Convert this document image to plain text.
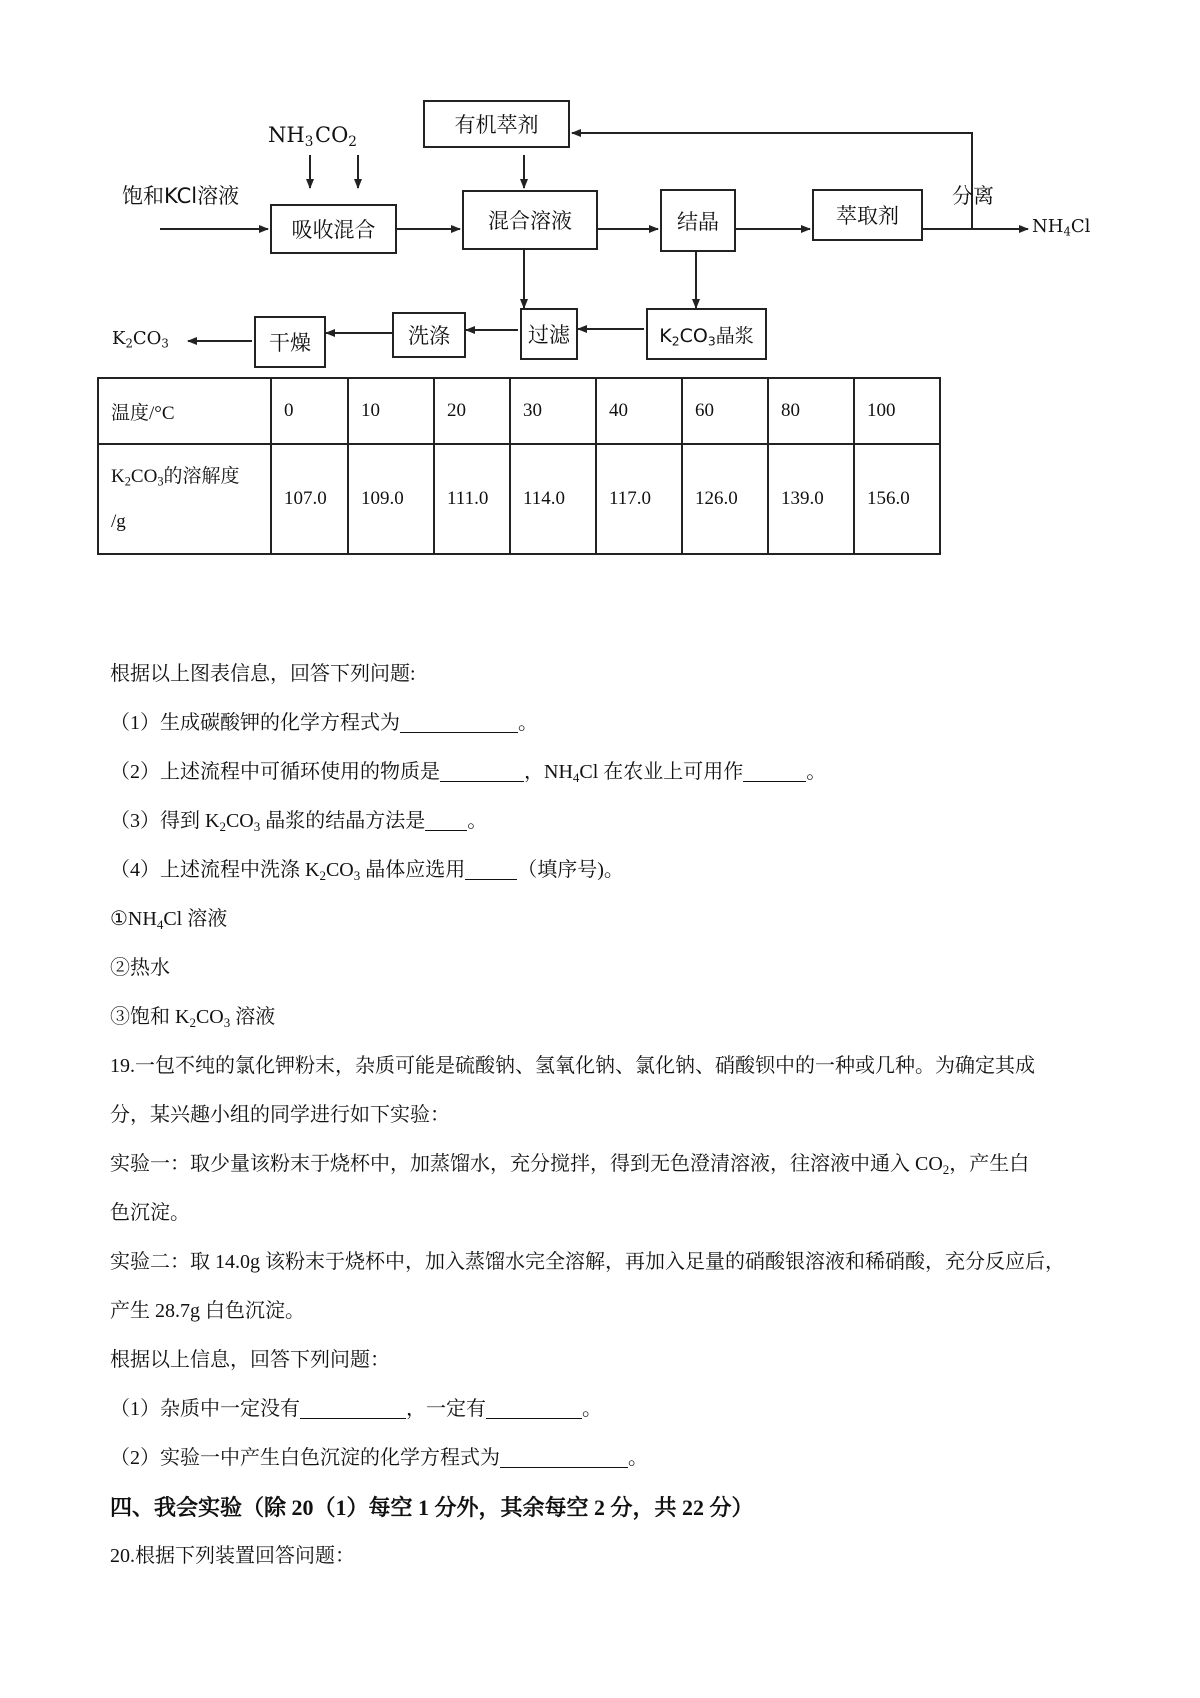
有机萃剂
$NH_3$ $CO_2$
饱和KCl溶液
吸收混合	混合溶液	结晶	萃取剂
分离
$NH_4Cl$
$K_2CO_3$晶浆
过滤
洗涤
干燥
$K_2CO_3$
温度/°C	0	10	20	30	40	60	80	100

$K_2CO_3$的溶解度
/g	107.0	109.0	111.0	114.0	117.0	126.0	139.0	156.0

根据以上图表信息，回答下列问题:

（1）生成碳酸钾的化学方程式为	。

（2）上述流程中可循环使用的物质是	，$NH_4Cl$ 在农业上可用作	。

（3）得到 $K_2CO_3$ 晶浆的结晶方法是 。

（4）上述流程中洗涤 $K_2CO_3$ 晶体应选用	（填序号)。

$①NH_4Cl$ 溶液

②热水

③饱和 $K_2CO_3$ 溶液

19.一包不纯的氯化钾粉末，杂质可能是硫酸钠、氢氧化钠、氯化钠、硝酸钡中的一种或几种。为确定其成

分，某兴趣小组的同学进行如下实验：

实验一：取少量该粉末于烧杯中，加蒸馏水，充分搅拌，得到无色澄清溶液，往溶液中通入 $CO_2$，产生白

色沉淀。

实验二：取 14.0g 该粉末于烧杯中，加入蒸馏水完全溶解，再加入足量的硝酸银溶液和稀硝酸，充分反应后，

产生 28.7g 白色沉淀。

根据以上信息，回答下列问题：

（1）杂质中一定没有	，一定有	。

（2）实验一中产生白色沉淀的化学方程式为	。

四、我会实验（除 20（1）每空 1 分外，其余每空 2 分，共 22 分）

20.根据下列装置回答问题：
